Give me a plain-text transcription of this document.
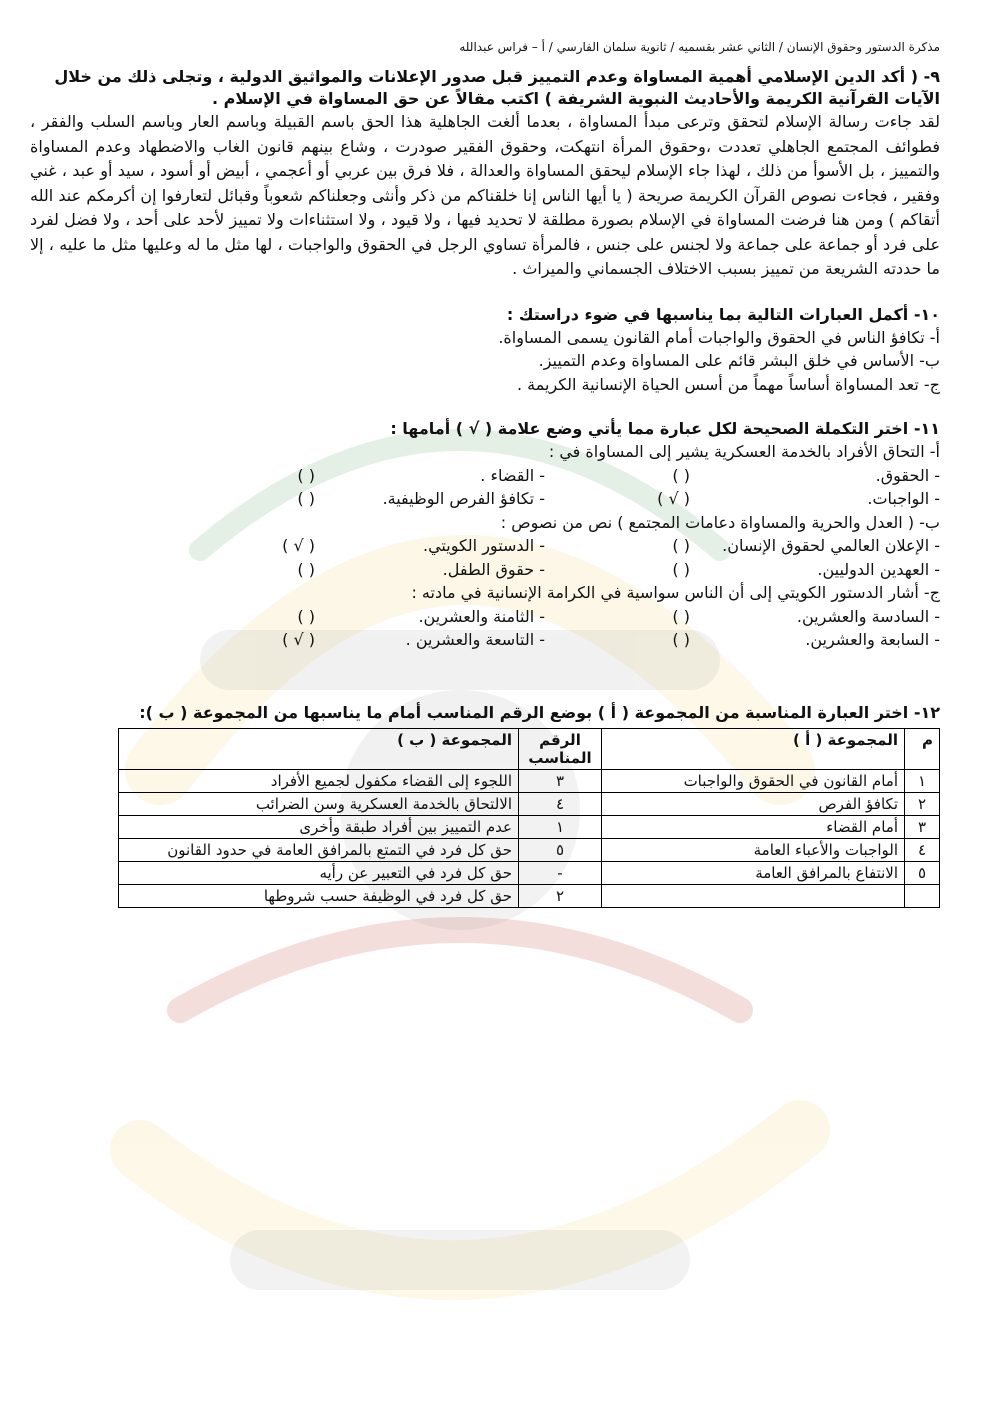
مذكرة الدستور وحقوق الإنسان / الثاني عشر بقسميه / ثانوية سلمان الفارسي / أ – فراس عبدالله

٩- ( أكد الدين الإسلامي أهمية المساواة وعدم التمييز قبل صدور الإعلانات والمواثيق الدولية ، وتجلى ذلك من خلال الآيات القرآنية الكريمة والأحاديث النبوية الشريفة ) اكتب مقالاً عن حق المساواة في الإسلام .

لقد جاءت رسالة الإسلام لتحقق وترعى مبدأ المساواة ، بعدما ألغت الجاهلية هذا الحق باسم القبيلة وباسم العار وباسم السلب والفقر ، فطوائف المجتمع الجاهلي تعددت ،وحقوق المرأة انتهكت، وحقوق الفقير صودرت ، وشاع بينهم قانون الغاب والاضطهاد وعدم المساواة والتمييز ، بل الأسوأ من ذلك ، لهذا جاء الإسلام ليحقق المساواة والعدالة ، فلا فرق بين عربي أو أعجمي ، أبيض أو أسود ، سيد أو عبد ، غني وفقير ، فجاءت نصوص القرآن الكريمة صريحة ( يا أيها الناس إنا خلقناكم من ذكر وأنثى وجعلناكم شعوباً وقبائل لتعارفوا إن أكرمكم عند الله أتقاكم ) ومن هنا فرضت المساواة في الإسلام بصورة مطلقة لا تحديد فيها ، ولا قيود ، ولا استثناءات ولا تمييز لأحد على أحد ، ولا فضل لفرد على فرد أو جماعة على جماعة ولا لجنس على جنس ، فالمرأة تساوي الرجل في الحقوق والواجبات ، لها مثل ما له وعليها مثل ما عليه ، إلا ما حددته الشريعة من تمييز بسبب الاختلاف الجسماني والميراث .

١٠- أكمل العبارات التالية بما يناسبها في ضوء دراستك :

أ- تكافؤ الناس في الحقوق والواجبات أمام القانون يسمى المساواة.

ب- الأساس في خلق البشر قائم على المساواة وعدم التمييز.

ج- تعد المساواة أساساً مهماً من أسس الحياة الإنسانية الكريمة .

١١- اختر التكملة الصحيحة لكل عبارة مما يأتي وضع علامة ( √ ) أمامها :

أ- التحاق الأفراد بالخدمة العسكرية يشير إلى المساواة في :

- الحقوق.
( )
- القضاء .
( )
- الواجبات.
( √ )
- تكافؤ الفرص الوظيفية.
( )

ب- ( العدل والحرية والمساواة دعامات المجتمع ) نص من نصوص :

- الإعلان العالمي لحقوق الإنسان.
( )
- الدستور الكويتي.
( √ )
- العهدين الدوليين.
( )
- حقوق الطفل.
( )

ج- أشار الدستور الكويتي إلى أن الناس سواسية في الكرامة الإنسانية في مادته :

- السادسة والعشرين.
( )
- الثامنة والعشرين.
( )
- السابعة والعشرين.
( )
- التاسعة والعشرين .
( √ )

١٢- اختر العبارة المناسبة من المجموعة ( أ ) بوضع الرقم المناسب أمام ما يناسبها من المجموعة ( ب ):

م	المجموعة ( أ )	الرقم المناسب	المجموعة ( ب )
١	أمام القانون في الحقوق والواجبات	٣	اللجوء إلى القضاء مكفول لجميع الأفراد
٢	تكافؤ الفرص	٤	الالتحاق بالخدمة العسكرية وسن الضرائب
٣	أمام القضاء	١	عدم التمييز بين أفراد طبقة وأخرى
٤	الواجبات والأعباء العامة	٥	حق كل فرد في التمتع بالمرافق العامة في حدود القانون
٥	الانتفاع بالمرافق العامة	-	حق كل فرد في التعبير عن رأيه
		٢	حق كل فرد في الوظيفة حسب شروطها
